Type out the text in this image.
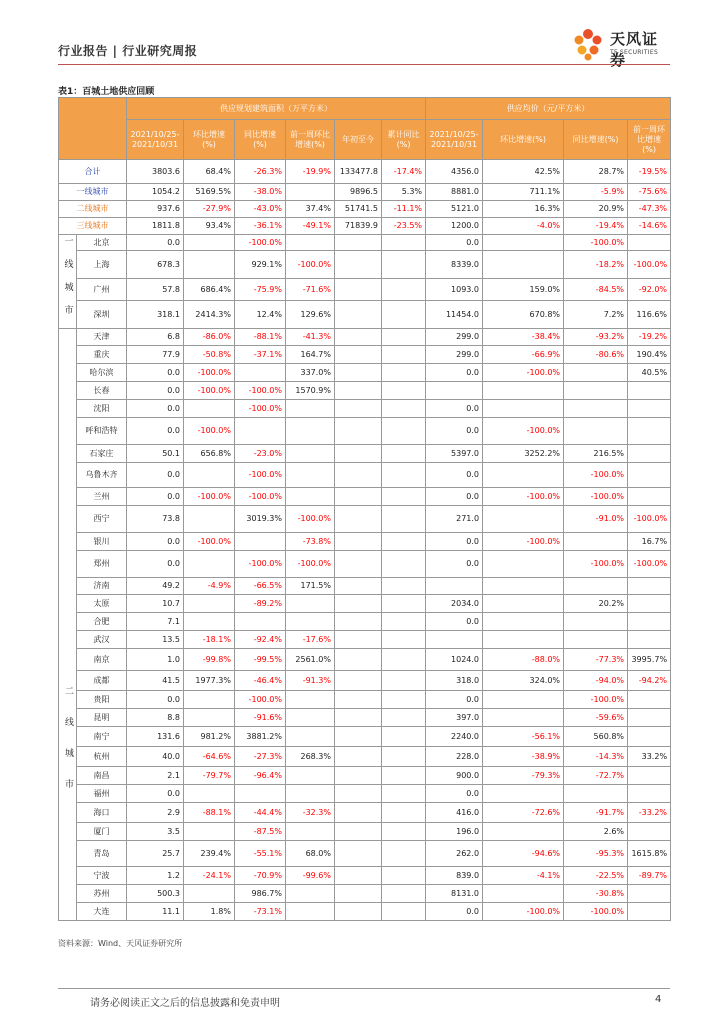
行业报告 | 行业研究周报
天风证券
TF SECURITIES
表1：百城土地供应回顾
		供应规划建筑面积（万平方米）						供应均价（元/平方米）			
		2021/10/25-2021/10/31	环比增速(%)	同比增速(%)	前一周环比增速(%)	年初至今	累计同比(%)	2021/10/25-2021/10/31	环比增速(%)	同比增速(%)	前一周环比增速(%)
合计		3803.6	68.4%	-26.3%	-19.9%	133477.8	-17.4%	4356.0	42.5%	28.7%	-19.5%
一线城市		1054.2	5169.5%	-38.0%		9896.5	5.3%	8881.0	711.1%	-5.9%	-75.6%
二线城市		937.6	-27.9%	-43.0%	37.4%	51741.5	-11.1%	5121.0	16.3%	20.9%	-47.3%
三线城市		1811.8	93.4%	-36.1%	-49.1%	71839.9	-23.5%	1200.0	-4.0%	-19.4%	-14.6%
一线城市	北京	0.0		-100.0%				0.0		-100.0%	
	上海	678.3		929.1%	-100.0%			8339.0		-18.2%	-100.0%
	广州	57.8	686.4%	-75.9%	-71.6%			1093.0	159.0%	-84.5%	-92.0%
	深圳	318.1	2414.3%	12.4%	129.6%			11454.0	670.8%	7.2%	116.6%
二线城市	天津	6.8	-86.0%	-88.1%	-41.3%			299.0	-38.4%	-93.2%	-19.2%
	重庆	77.9	-50.8%	-37.1%	164.7%			299.0	-66.9%	-80.6%	190.4%
	哈尔滨	0.0	-100.0%		337.0%			0.0	-100.0%		40.5%
	长春	0.0	-100.0%	-100.0%	1570.9%						
	沈阳	0.0		-100.0%				0.0			
	呼和浩特	0.0	-100.0%					0.0	-100.0%		
	石家庄	50.1	656.8%	-23.0%				5397.0	3252.2%	216.5%	
	乌鲁木齐	0.0		-100.0%				0.0		-100.0%	
	兰州	0.0	-100.0%	-100.0%				0.0	-100.0%	-100.0%	
	西宁	73.8		3019.3%	-100.0%			271.0		-91.0%	-100.0%
	银川	0.0	-100.0%		-73.8%			0.0	-100.0%		16.7%
	郑州	0.0		-100.0%	-100.0%			0.0		-100.0%	-100.0%
	济南	49.2	-4.9%	-66.5%	171.5%						
	太原	10.7		-89.2%				2034.0		20.2%	
	合肥	7.1						0.0			
	武汉	13.5	-18.1%	-92.4%	-17.6%						
	南京	1.0	-99.8%	-99.5%	2561.0%			1024.0	-88.0%	-77.3%	3995.7%
	成都	41.5	1977.3%	-46.4%	-91.3%			318.0	324.0%	-94.0%	-94.2%
	贵阳	0.0		-100.0%				0.0		-100.0%	
	昆明	8.8		-91.6%				397.0		-59.6%	
	南宁	131.6	981.2%	3881.2%				2240.0	-56.1%	560.8%	
	杭州	40.0	-64.6%	-27.3%	268.3%			228.0	-38.9%	-14.3%	33.2%
	南昌	2.1	-79.7%	-96.4%				900.0	-79.3%	-72.7%	
	福州	0.0						0.0			
	海口	2.9	-88.1%	-44.4%	-32.3%			416.0	-72.6%	-91.7%	-33.2%
	厦门	3.5		-87.5%				196.0		2.6%	
	青岛	25.7	239.4%	-55.1%	68.0%			262.0	-94.6%	-95.3%	1615.8%
	宁波	1.2	-24.1%	-70.9%	-99.6%			839.0	-4.1%	-22.5%	-89.7%
	苏州	500.3		986.7%				8131.0		-30.8%	
	大连	11.1	1.8%	-73.1%				0.0	-100.0%	-100.0%	
资料来源：Wind、天风证券研究所
请务必阅读正文之后的信息披露和免责申明	4
